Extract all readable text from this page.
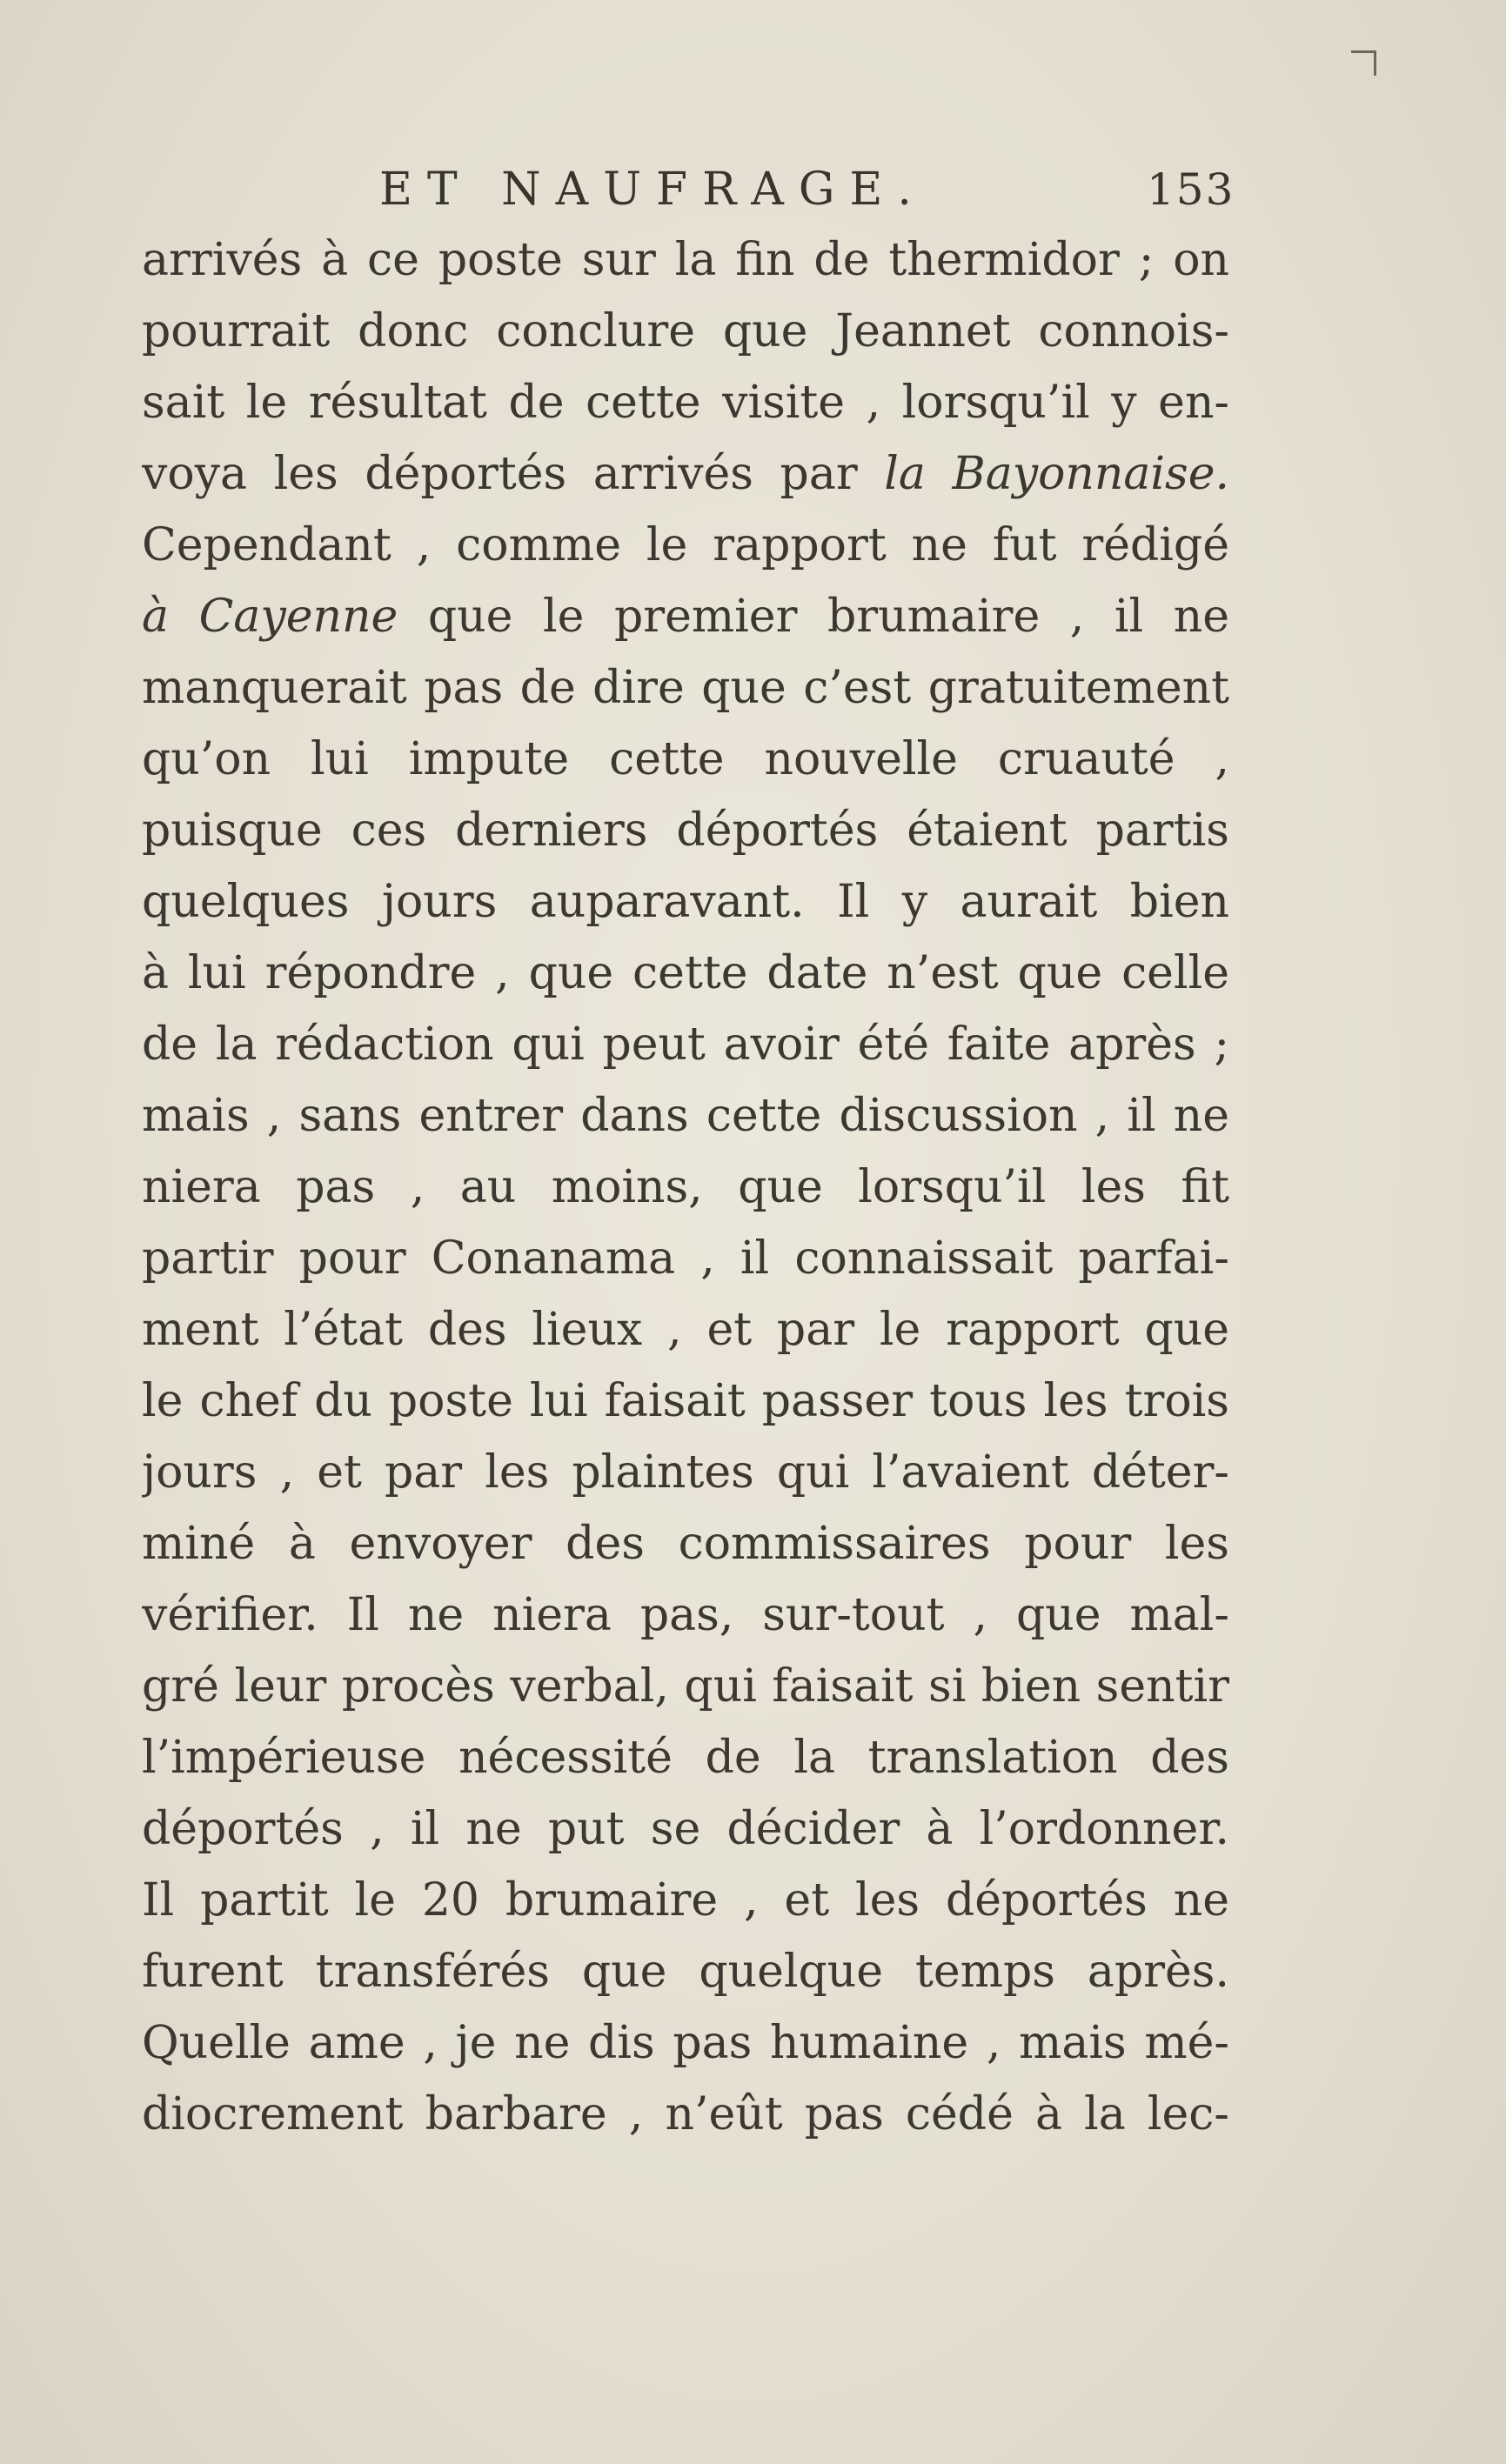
ET NAUFRAGE.	153
arrivés à ce poste sur la fin de thermidor ; on
pourrait donc conclure que Jeannet connois-
sait le résultat de cette visite , lorsqu’il y en-
voya les déportés arrivés par la Bayonnaise.
Cependant , comme le rapport ne fut rédigé
à Cayenne que le premier brumaire , il ne
manquerait pas de dire que c’est gratuitement
qu’on lui impute cette nouvelle cruauté ,
puisque ces derniers déportés étaient partis
quelques jours auparavant. Il y aurait bien
à lui répondre , que cette date n’est que celle
de la rédaction qui peut avoir été faite après ;
mais , sans entrer dans cette discussion , il ne
niera pas , au moins, que lorsqu’il les fit
partir pour Conanama , il connaissait parfai-
ment l’état des lieux , et par le rapport que
le chef du poste lui faisait passer tous les trois
jours , et par les plaintes qui l’avaient déter-
miné à envoyer des commissaires pour les
vérifier. Il ne niera pas, sur-tout , que mal-
gré leur procès verbal, qui faisait si bien sentir
l’impérieuse nécessité de la translation des
déportés , il ne put se décider à l’ordonner.
Il partit le 20 brumaire , et les déportés ne
furent transférés que quelque temps après.
Quelle ame , je ne dis pas humaine , mais mé-
diocrement barbare , n’eût pas cédé à la lec-
